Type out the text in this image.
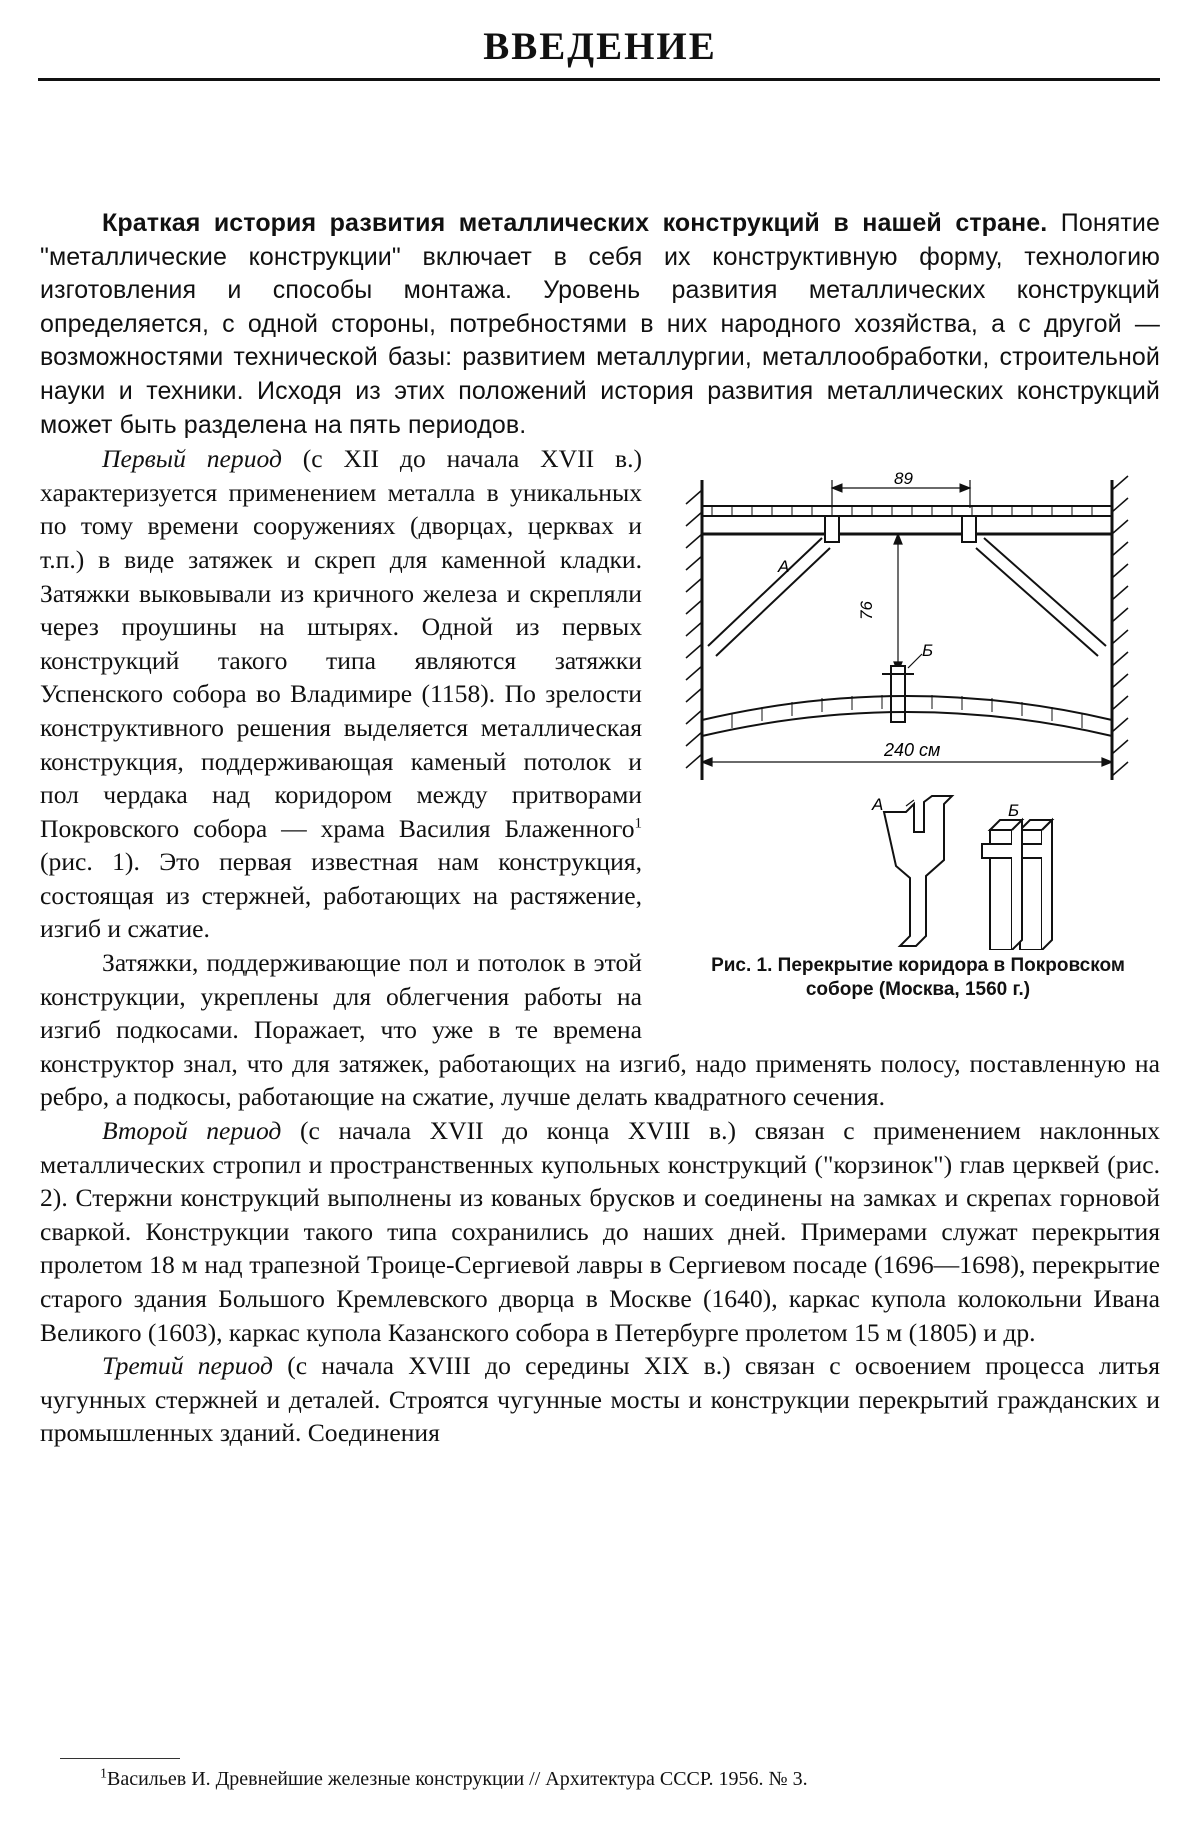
ВВЕДЕНИЕ

Краткая история развития металлических конструкций в нашей стране. Понятие "металлические конструкции" включает в себя их конструктивную форму, технологию изготовления и способы монтажа. Уровень развития металлических конструкций определяется, с одной стороны, потребностями в них народного хозяйства, а с другой — возможностями технической базы: развитием металлургии, металлообработки, строительной науки и техники. Исходя из этих положений история развития металлических конструкций может быть разделена на пять периодов.

89
А
76
Б
240 см
А	Б
Рис. 1. Перекрытие коридора в Покровском соборе (Москва, 1560 г.)

Первый период (с XII до начала XVII в.) характеризуется применением металла в уникальных по тому времени сооружениях (дворцах, церквах и т.п.) в виде затяжек и скреп для каменной кладки. Затяжки выковывали из кричного железа и скрепляли через проушины на штырях. Одной из первых конструкций такого типа являются затяжки Успенского собора во Владимире (1158). По зрелости конструктивного решения выделяется металлическая конструкция, поддерживающая каменый потолок и пол чердака над коридором между притворами Покровского собора — храма Василия Блаженного$^1$ (рис. 1). Это первая известная нам конструкция, состоящая из стержней, работающих на растяжение, изгиб и сжатие.

Затяжки, поддерживающие пол и потолок в этой конструкции, укреплены для облегчения работы на изгиб подкосами. Поражает, что уже в те времена конструктор знал, что для затяжек, работающих на изгиб, надо применять полосу, поставленную на ребро, а подкосы, работающие на сжатие, лучше делать квадратного сечения.

Второй период (с начала XVII до конца XVIII в.) связан с применением наклонных металлических стропил и пространственных купольных конструкций ("корзинок") глав церквей (рис. 2). Стержни конструкций выполнены из кованых брусков и соединены на замках и скрепах горновой сваркой. Конструкции такого типа сохранились до наших дней. Примерами служат перекрытия пролетом 18 м над трапезной Троице-Сергиевой лавры в Сергиевом посаде (1696—1698), перекрытие старого здания Большого Кремлевского дворца в Москве (1640), каркас купола колокольни Ивана Великого (1603), каркас купола Казанского собора в Петербурге пролетом 15 м (1805) и др.

Третий период (с начала XVIII до середины XIX в.) связан с освоением процесса литья чугунных стержней и деталей. Строятся чугунные мосты и конструкции перекрытий гражданских и промышленных зданий. Соединения

$^1$Васильев И. Древнейшие железные конструкции // Архитектура СССР. 1956. № 3.
